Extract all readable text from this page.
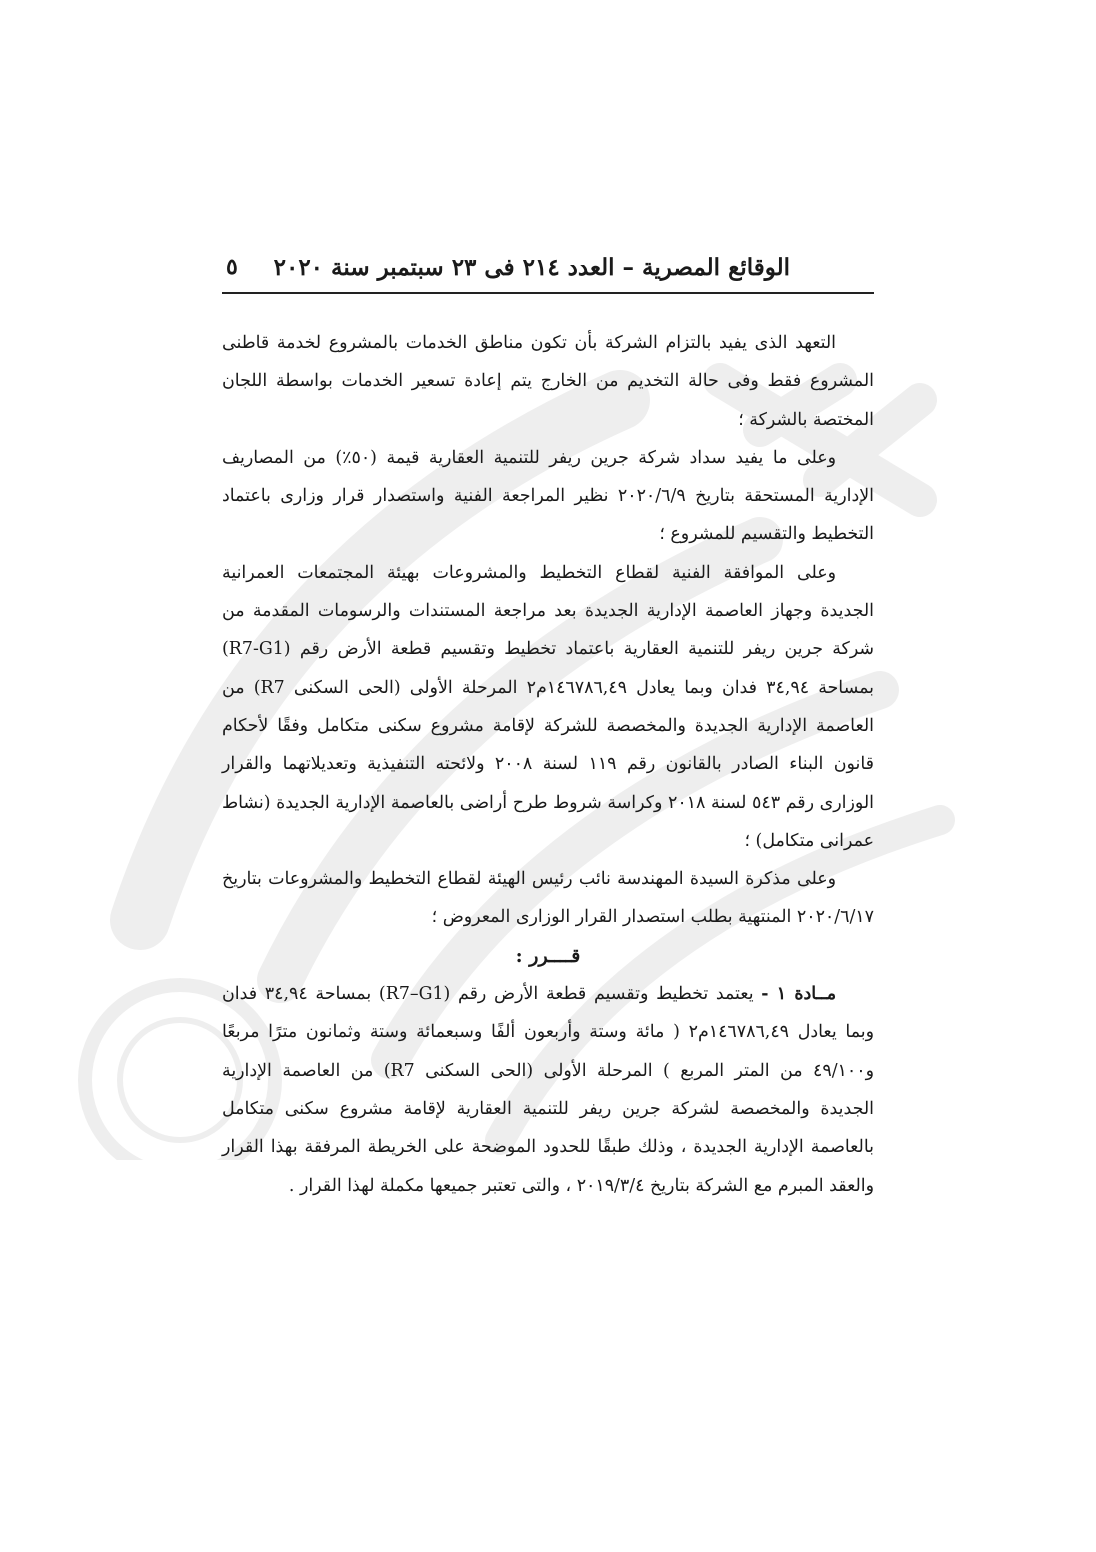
الوقائع المصرية – العدد ٢١٤ فى ٢٣ سبتمبر سنة ٢٠٢٠
٥

التعهد الذى يفيد بالتزام الشركة بأن تكون مناطق الخدمات بالمشروع لخدمة قاطنى المشروع فقط وفى حالة التخديم من الخارج يتم إعادة تسعير الخدمات بواسطة اللجان المختصة بالشركة ؛

وعلى ما يفيد سداد شركة جرين ريفر للتنمية العقارية قيمة (٥٠٪) من المصاريف الإدارية المستحقة بتاريخ ٢٠٢٠/٦/٩ نظير المراجعة الفنية واستصدار قرار وزارى باعتماد التخطيط والتقسيم للمشروع ؛

وعلى الموافقة الفنية لقطاع التخطيط والمشروعات بهيئة المجتمعات العمرانية الجديدة وجهاز العاصمة الإدارية الجديدة بعد مراجعة المستندات والرسومات المقدمة من شركة جرين ريفر للتنمية العقارية باعتماد تخطيط وتقسيم قطعة الأرض رقم (R7-G1) بمساحة ٣٤,٩٤ فدان وبما يعادل ١٤٦٧٨٦,٤٩م٢ المرحلة الأولى (الحى السكنى R7) من العاصمة الإدارية الجديدة والمخصصة للشركة لإقامة مشروع سكنى متكامل وفقًا لأحكام قانون البناء الصادر بالقانون رقم ١١٩ لسنة ٢٠٠٨ ولائحته التنفيذية وتعديلاتهما والقرار الوزارى رقم ٥٤٣ لسنة ٢٠١٨ وكراسة شروط طرح أراضى بالعاصمة الإدارية الجديدة (نشاط عمرانى متكامل) ؛

وعلى مذكرة السيدة المهندسة نائب رئيس الهيئة لقطاع التخطيط والمشروعات بتاريخ ٢٠٢٠/٦/١٧ المنتهية بطلب استصدار القرار الوزارى المعروض ؛

قــــرر :

مــادة ١ - يعتمد تخطيط وتقسيم قطعة الأرض رقم (R7–G1) بمساحة ٣٤,٩٤ فدان وبما يعادل ١٤٦٧٨٦,٤٩م٢ ( مائة وستة وأربعون ألفًا وسبعمائة وستة وثمانون مترًا مربعًا و٤٩/١٠٠ من المتر المربع ) المرحلة الأولى (الحى السكنى R7) من العاصمة الإدارية الجديدة والمخصصة لشركة جرين ريفر للتنمية العقارية لإقامة مشروع سكنى متكامل بالعاصمة الإدارية الجديدة ، وذلك طبقًا للحدود الموضحة على الخريطة المرفقة بهذا القرار والعقد المبرم مع الشركة بتاريخ ٢٠١٩/٣/٤ ، والتى تعتبر جميعها مكملة لهذا القرار .
